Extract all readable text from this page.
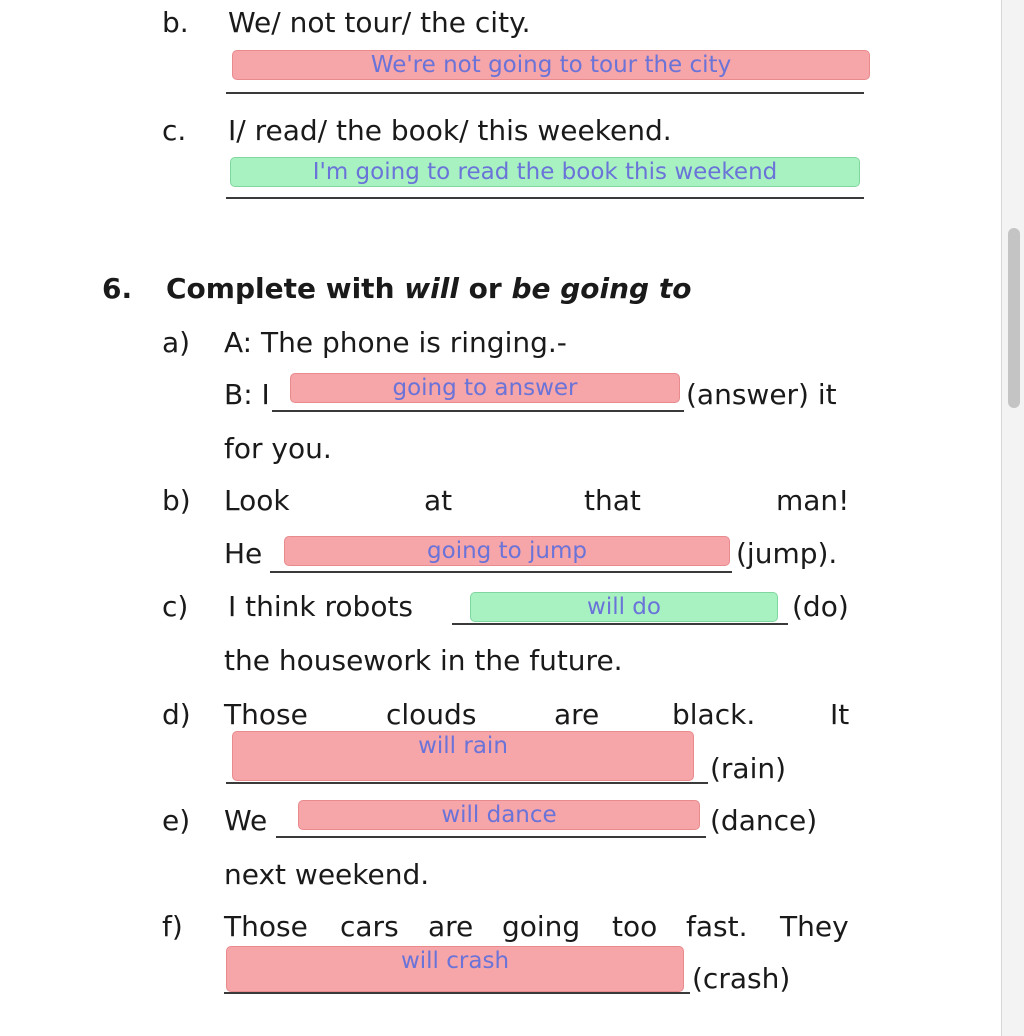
b. We/ not tour/ the city.
We're not going to tour the city
c. I/ read/ the book/ this weekend.
I'm going to read the book this weekend
6. Complete with will or be going to
a) A: The phone is ringing.-
B: I	going to answer	(answer) it
for you.
b) Look	at	that	man!
He	going to jump	(jump).
c) I think robots	will do	(do)
the housework in the future.
d) Those	clouds	are	black.	It
will rain
(rain)
e) We	will dance	(dance)
next weekend.
f) Those cars are going too fast. They
will crash
(crash)
